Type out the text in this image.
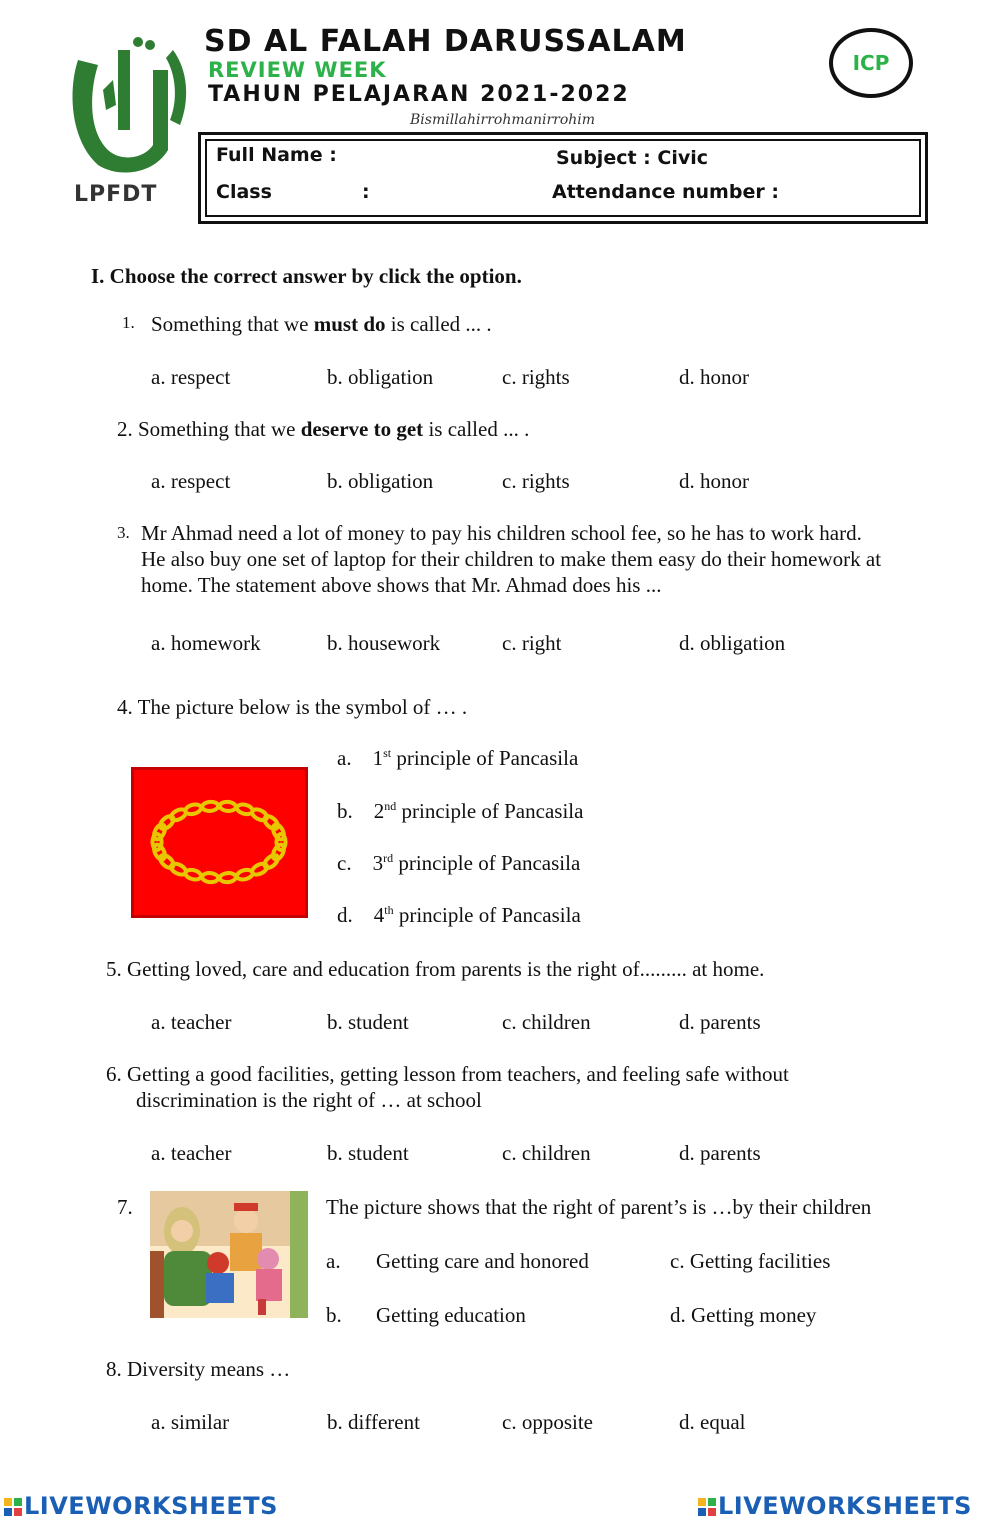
LPFDT
SD AL FALAH DARUSSALAM
REVIEW WEEK
TAHUN PELAJARAN 2021-2022
Bismillahirrohmanirrohim
ICP
Full Name :	Subject : Civic
Class	:	Attendance number :
I. Choose the correct answer by click the option.
1. Something that we must do is called ... .
a. respect	b. obligation	c. rights	d. honor
2. Something that we deserve to get is called ... .
a. respect	b. obligation	c. rights	d. honor
3. Mr Ahmad need a lot of money to pay his children school fee, so he has to work hard.
He also buy one set of laptop for their children to make them easy do their homework at
home. The statement above shows that Mr. Ahmad does his ...
a. homework	b. housework	c. right	d. obligation
4. The picture below is the symbol of … .
a. 1st principle of Pancasila
b. 2nd principle of Pancasila
c. 3rd principle of Pancasila
d. 4th principle of Pancasila
5. Getting loved, care and education from parents is the right of......... at home.
a. teacher	b. student	c. children	d. parents
6. Getting a good facilities, getting lesson from teachers, and feeling safe without
discrimination is the right of … at school
a. teacher	b. student	c. children	d. parents
7.	The picture shows that the right of parent’s is …by their children
a. Getting care and honored	c. Getting facilities
b. Getting education	d. Getting money
8. Diversity means …
a. similar	b. different	c. opposite	d. equal
LIVEWORKSHEETS	LIVEWORKSHEETS
